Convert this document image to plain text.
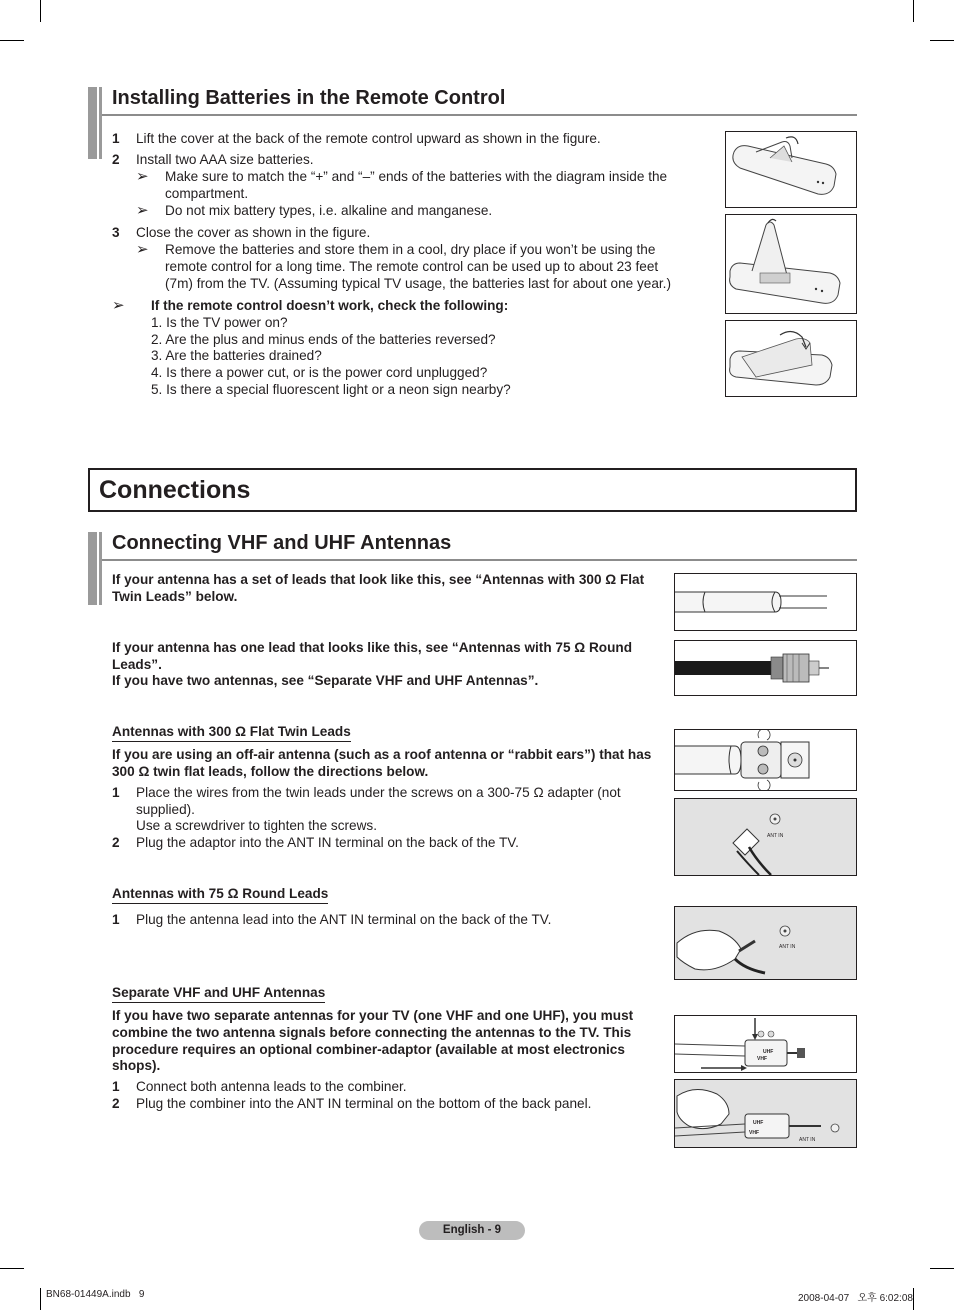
Installing Batteries in the Remote Control
1 Lift the cover at the back of the remote control upward as shown in the figure.
2 Install two AAA size batteries.
➢ Make sure to match the “+” and “–” ends of the batteries with the diagram inside the compartment.
➢ Do not mix battery types, i.e. alkaline and manganese.
3 Close the cover as shown in the figure.
➢ Remove the batteries and store them in a cool, dry place if you won’t be using the remote control for a long time. The remote control can be used up to about 23 feet (7m) from the TV. (Assuming typical TV usage, the batteries last for about one year.)
➢ If the remote control doesn’t work, check the following:
1. Is the TV power on?
2. Are the plus and minus ends of the batteries reversed?
3. Are the batteries drained?
4. Is there a power cut, or is the power cord unplugged?
5. Is there a special fluorescent light or a neon sign nearby?
Connections
Connecting VHF and UHF Antennas
If your antenna has a set of leads that look like this, see “Antennas with 300 Ω Flat Twin Leads” below.
If your antenna has one lead that looks like this, see “Antennas with 75 Ω Round Leads”.
If you have two antennas, see “Separate VHF and UHF Antennas”.
Antennas with 300 Ω Flat Twin Leads
If you are using an off-air antenna (such as a roof antenna or “rabbit ears”) that has 300 Ω twin flat leads, follow the directions below.
1 Place the wires from the twin leads under the screws on a 300-75 Ω adapter (not supplied).
Use a screwdriver to tighten the screws.
2 Plug the adaptor into the ANT IN terminal on the back of the TV.	ANT IN
Antennas with 75 Ω Round Leads
1 Plug the antenna lead into the ANT IN terminal on the back of the TV.
ANT IN
Separate VHF and UHF Antennas
If you have two separate antennas for your TV (one VHF and one UHF), you must combine the two antenna signals before connecting the antennas to the TV. This procedure requires an optional combiner-adaptor (available at most electronics shops).
1 Connect both antenna leads to the combiner.
2 Plug the combiner into the ANT IN terminal on the bottom of the back panel.
UHF
VHF
UHF
VHF
ANT IN
English - 9
BN68-01449A.indb   9	2008-04-07   오후 6:02:08
